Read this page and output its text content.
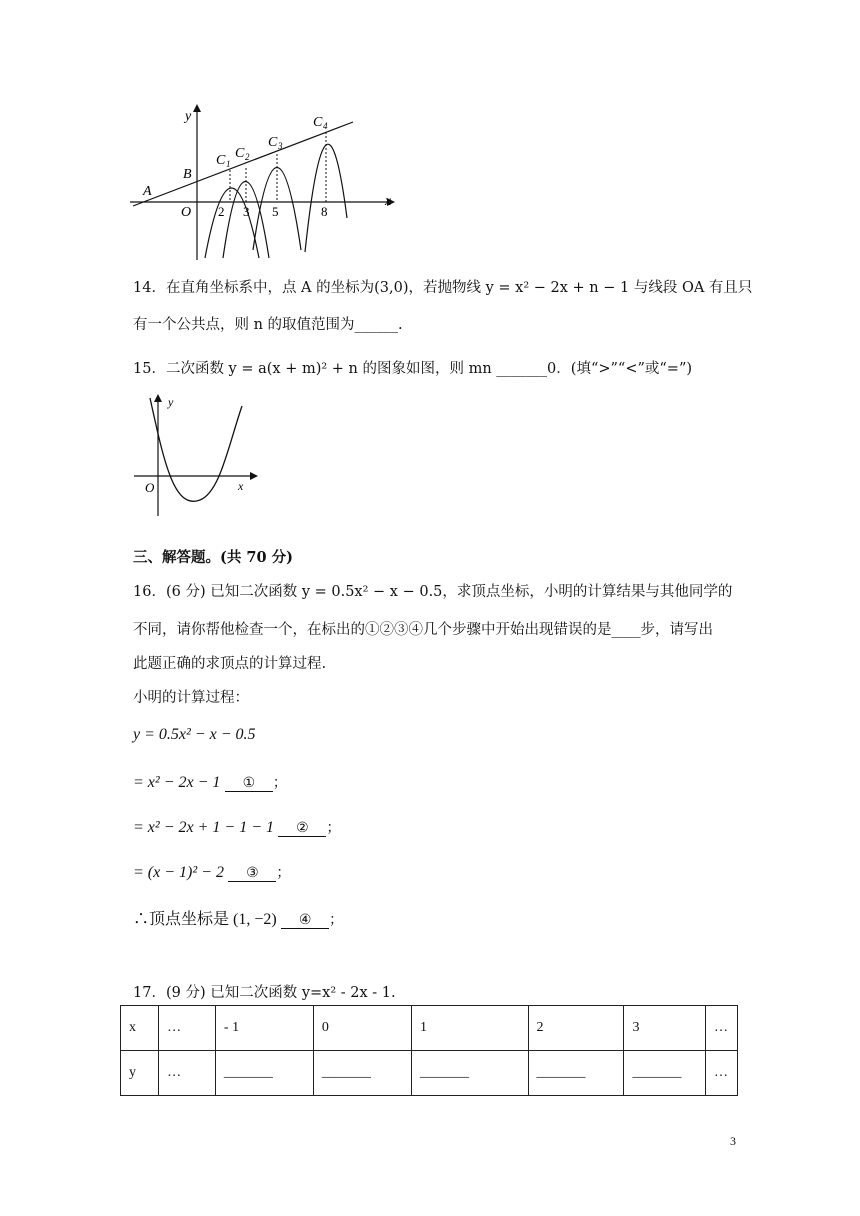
y
x
A
B
O
C 1
C 2
C 3
C 4
2 3 5	8
14．在直角坐标系中，点 A 的坐标为(3,0)，若抛物线 y = x² − 2x + n − 1 与线段 OA 有且只
有一个公共点，则 n 的取值范围为______.
15．二次函数 y = a(x + m)² + n 的图象如图，则 mn _______0．(填“>”“<”或“=”)
y
x
O
三、解答题。(共 70 分)
16．(6 分) 已知二次函数 y = 0.5x² − x − 0.5，求顶点坐标，小明的计算结果与其他同学的
不同，请你帮他检查一个，在标出的①②③④几个步骤中开始出现错误的是____步，请写出
此题正确的求顶点的计算过程.
小明的计算过程：
y = 0.5x² − x − 0.5
= x² − 2x − 1 ① ；
= x² − 2x + 1 − 1 − 1 ② ；
= (x − 1)² − 2 ③ ；
∴顶点坐标是 (1, −2) ④ ；
17．(9 分) 已知二次函数 y=x² - 2x - 1.
x	…	- 1	0	1	2	3	…
y	…	_______	_______	_______	_______	_______	…
3
